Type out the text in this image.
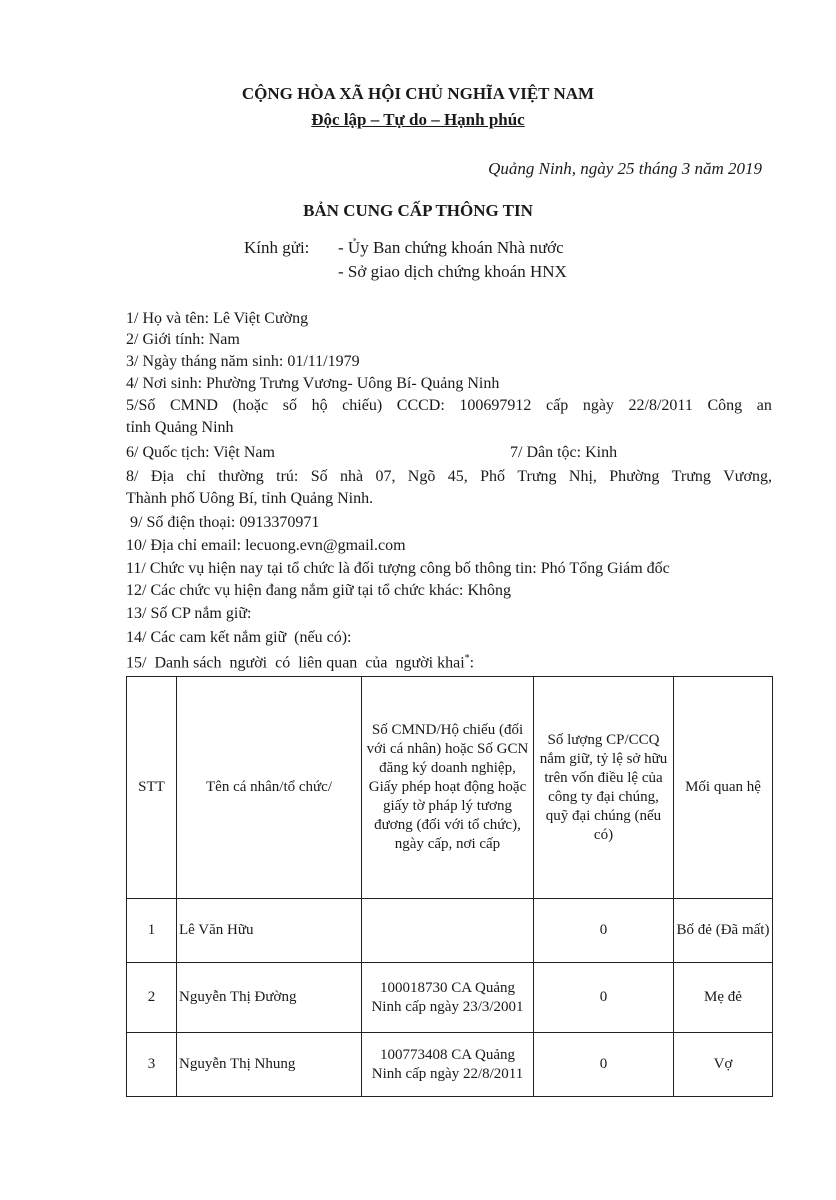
CỘNG HÒA XÃ HỘI CHỦ NGHĨA VIỆT NAM
Độc lập – Tự do – Hạnh phúc
Quảng Ninh, ngày 25 tháng 3 năm 2019
BẢN CUNG CẤP THÔNG TIN
Kính gửi: - Ủy Ban chứng khoán Nhà nước
- Sở giao dịch chứng khoán HNX
1/ Họ và tên: Lê Việt Cường
2/ Giới tính: Nam
3/ Ngày tháng năm sinh: 01/11/1979
4/ Nơi sinh: Phường Trưng Vương- Uông Bí- Quảng Ninh
5/Số CMND (hoặc số hộ chiếu) CCCD: 100697912 cấp ngày 22/8/2011 Công an
tỉnh Quảng Ninh
6/ Quốc tịch: Việt Nam	7/ Dân tộc: Kinh
8/ Địa chỉ thường trú: Số nhà 07, Ngõ 45, Phố Trưng Nhị, Phường Trưng Vương,
Thành phố Uông Bí, tỉnh Quảng Ninh.
9/ Số điện thoại: 0913370971
10/ Địa chỉ email: lecuong.evn@gmail.com
11/ Chức vụ hiện nay tại tổ chức là đối tượng công bố thông tin: Phó Tổng Giám đốc
12/ Các chức vụ hiện đang nắm giữ tại tổ chức khác: Không
13/ Số CP nắm giữ:
14/ Các cam kết nắm giữ  (nếu có):
15/  Danh sách  người  có  liên quan  của  người khai*:
STT	Tên cá nhân/tổ chức/	Số CMND/Hộ chiếu (đối với cá nhân) hoặc Số GCN đăng ký doanh nghiệp, Giấy phép hoạt động hoặc giấy tờ pháp lý tương đương (đối với tổ chức), ngày cấp, nơi cấp	Số lượng CP/CCQ nắm giữ, tỷ lệ sở hữu trên vốn điều lệ của công ty đại chúng, quỹ đại chúng (nếu có)	Mối quan hệ
1	Lê Văn Hữu		0	Bố đẻ (Đã mất)
2	Nguyễn Thị Đường	100018730 CA Quảng Ninh cấp ngày 23/3/2001	0	Mẹ đẻ
3	Nguyễn Thị Nhung	100773408 CA Quảng Ninh cấp ngày 22/8/2011	0	Vợ
